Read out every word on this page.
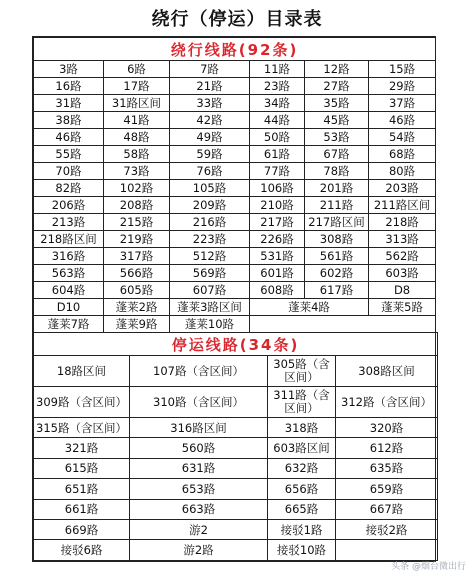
绕行（停运）目录表
绕行线路(92条)					
3路	6路	7路	11路	12路	15路
16路	17路	21路	23路	27路	29路
31路	31路区间	33路	34路	35路	37路
38路	41路	42路	44路	45路	46路
46路	48路	49路	50路	53路	54路
55路	58路	59路	61路	67路	68路
70路	73路	76路	77路	78路	80路
82路	102路	105路	106路	201路	203路
206路	208路	209路	210路	211路	211路区间
213路	215路	216路	217路	217路区间	218路
218路区间	219路	223路	226路	308路	313路
316路	317路	512路	531路	561路	562路
563路	566路	569路	601路	602路	603路
604路	605路	607路	608路	617路	D8
D10	蓬莱2路	蓬莱3路区间	蓬莱4路		蓬莱5路
蓬莱7路	蓬莱9路	蓬莱10路			
停运线路(34条)			
18路区间	107路（含区间）	305路（含区间）	308路区间
309路（含区间）	310路（含区间）	311路（含区间）	312路（含区间）
315路（含区间）	316路区间	318路	320路
321路	560路	603路区间	612路
615路	631路	632路	635路
651路	653路	656路	659路
661路	663路	665路	667路
669路	游2	接驳1路	接驳2路
接驳6路	游2路	接驳10路	
头条 @烟台微出行
